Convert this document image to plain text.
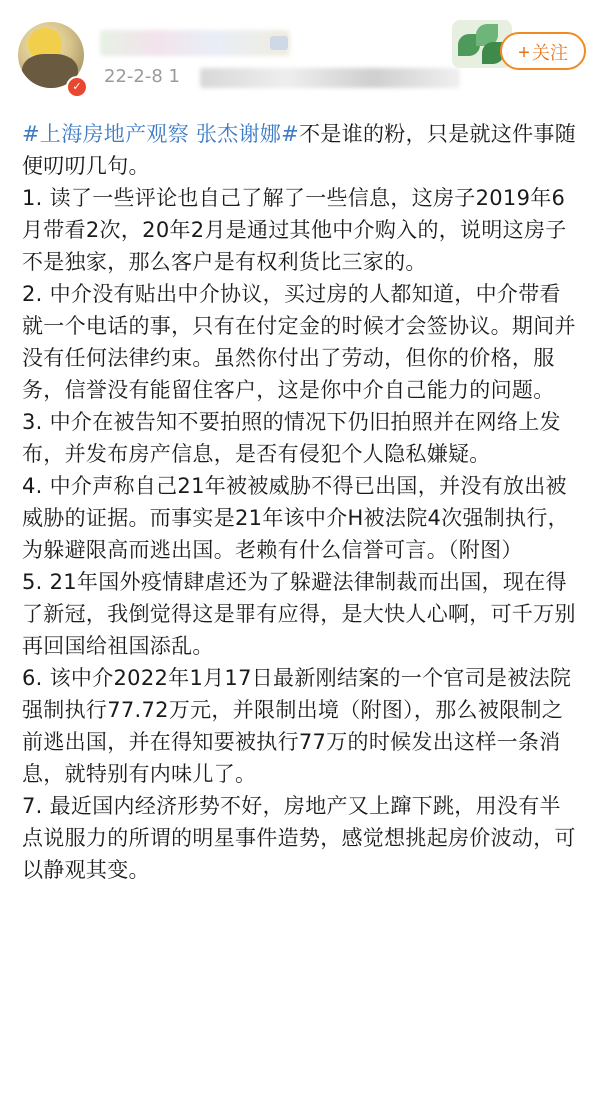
✓	22-2-8 1
+ 关注

#上海房地产观察 张杰谢娜#不是谁的粉，只是就这件事随便叨叨几句。

1. 读了一些评论也自己了解了一些信息，这房子2019年6月带看2次，20年2月是通过其他中介购入的，说明这房子不是独家，那么客户是有权利货比三家的。

2. 中介没有贴出中介协议，买过房的人都知道，中介带看就一个电话的事，只有在付定金的时候才会签协议。期间并没有任何法律约束。虽然你付出了劳动，但你的价格，服务，信誉没有能留住客户，这是你中介自己能力的问题。

3. 中介在被告知不要拍照的情况下仍旧拍照并在网络上发布，并发布房产信息，是否有侵犯个人隐私嫌疑。

4. 中介声称自己21年被被威胁不得已出国，并没有放出被威胁的证据。而事实是21年该中介H被法院4次强制执行，为躲避限高而逃出国。老赖有什么信誉可言。（附图）

5. 21年国外疫情肆虐还为了躲避法律制裁而出国，现在得了新冠，我倒觉得这是罪有应得，是大快人心啊，可千万别再回国给祖国添乱。

6. 该中介2022年1月17日最新刚结案的一个官司是被法院强制执行77.72万元，并限制出境（附图），那么被限制之前逃出国，并在得知要被执行77万的时候发出这样一条消息，就特别有内味儿了。

7. 最近国内经济形势不好，房地产又上蹿下跳，用没有半点说服力的所谓的明星事件造势，感觉想挑起房价波动，可以静观其变。
